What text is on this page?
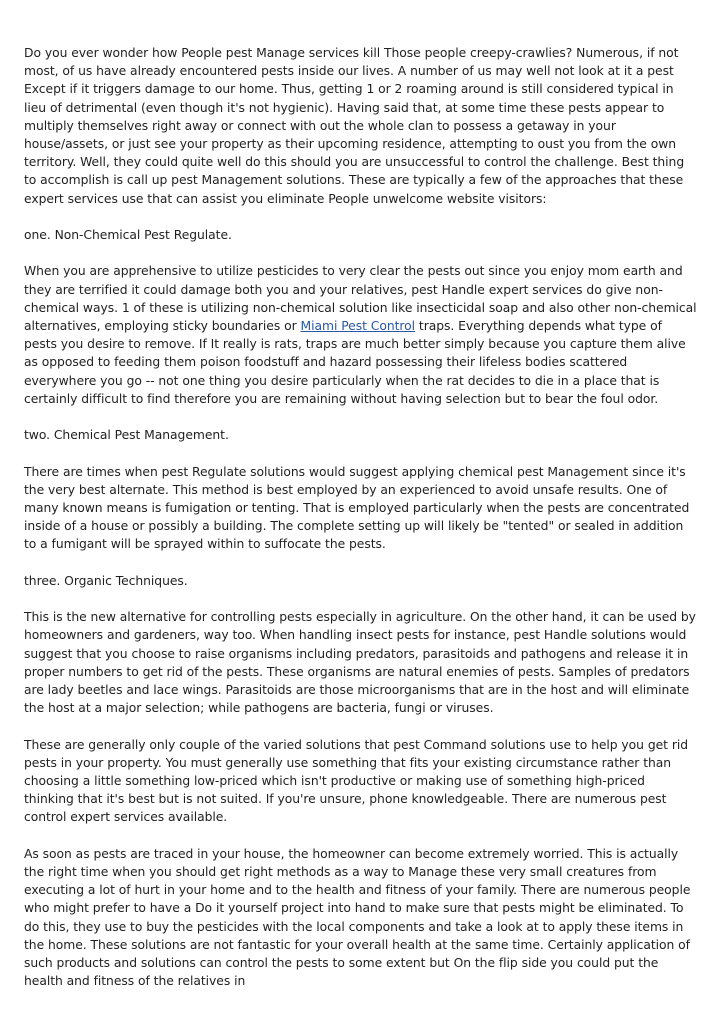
Do you ever wonder how People pest Manage services kill Those people creepy-crawlies? Numerous, if not most, of us have already encountered pests inside our lives. A number of us may well not look at it a pest Except if it triggers damage to our home. Thus, getting 1 or 2 roaming around is still considered typical in lieu of detrimental (even though it's not hygienic). Having said that, at some time these pests appear to multiply themselves right away or connect with out the whole clan to possess a getaway in your house/assets, or just see your property as their upcoming residence, attempting to oust you from the own territory. Well, they could quite well do this should you are unsuccessful to control the challenge. Best thing to accomplish is call up pest Management solutions. These are typically a few of the approaches that these expert services use that can assist you eliminate People unwelcome website visitors:

one. Non-Chemical Pest Regulate.

When you are apprehensive to utilize pesticides to very clear the pests out since you enjoy mom earth and they are terrified it could damage both you and your relatives, pest Handle expert services do give non-chemical ways. 1 of these is utilizing non-chemical solution like insecticidal soap and also other non-chemical alternatives, employing sticky boundaries or Miami Pest Control traps. Everything depends what type of pests you desire to remove. If It really is rats, traps are much better simply because you capture them alive as opposed to feeding them poison foodstuff and hazard possessing their lifeless bodies scattered everywhere you go -- not one thing you desire particularly when the rat decides to die in a place that is certainly difficult to find therefore you are remaining without having selection but to bear the foul odor.

two. Chemical Pest Management.

There are times when pest Regulate solutions would suggest applying chemical pest Management since it's the very best alternate. This method is best employed by an experienced to avoid unsafe results. One of many known means is fumigation or tenting. That is employed particularly when the pests are concentrated inside of a house or possibly a building. The complete setting up will likely be "tented" or sealed in addition to a fumigant will be sprayed within to suffocate the pests.

three. Organic Techniques.

This is the new alternative for controlling pests especially in agriculture. On the other hand, it can be used by homeowners and gardeners, way too. When handling insect pests for instance, pest Handle solutions would suggest that you choose to raise organisms including predators, parasitoids and pathogens and release it in proper numbers to get rid of the pests. These organisms are natural enemies of pests. Samples of predators are lady beetles and lace wings. Parasitoids are those microorganisms that are in the host and will eliminate the host at a major selection; while pathogens are bacteria, fungi or viruses.

These are generally only couple of the varied solutions that pest Command solutions use to help you get rid pests in your property. You must generally use something that fits your existing circumstance rather than choosing a little something low-priced which isn't productive or making use of something high-priced thinking that it's best but is not suited. If you're unsure, phone knowledgeable. There are numerous pest control expert services available.

As soon as pests are traced in your house, the homeowner can become extremely worried. This is actually the right time when you should get right methods as a way to Manage these very small creatures from executing a lot of hurt in your home and to the health and fitness of your family. There are numerous people who might prefer to have a Do it yourself project into hand to make sure that pests might be eliminated. To do this, they use to buy the pesticides with the local components and take a look at to apply these items in the home. These solutions are not fantastic for your overall health at the same time. Certainly application of such products and solutions can control the pests to some extent but On the flip side you could put the health and fitness of the relatives in
